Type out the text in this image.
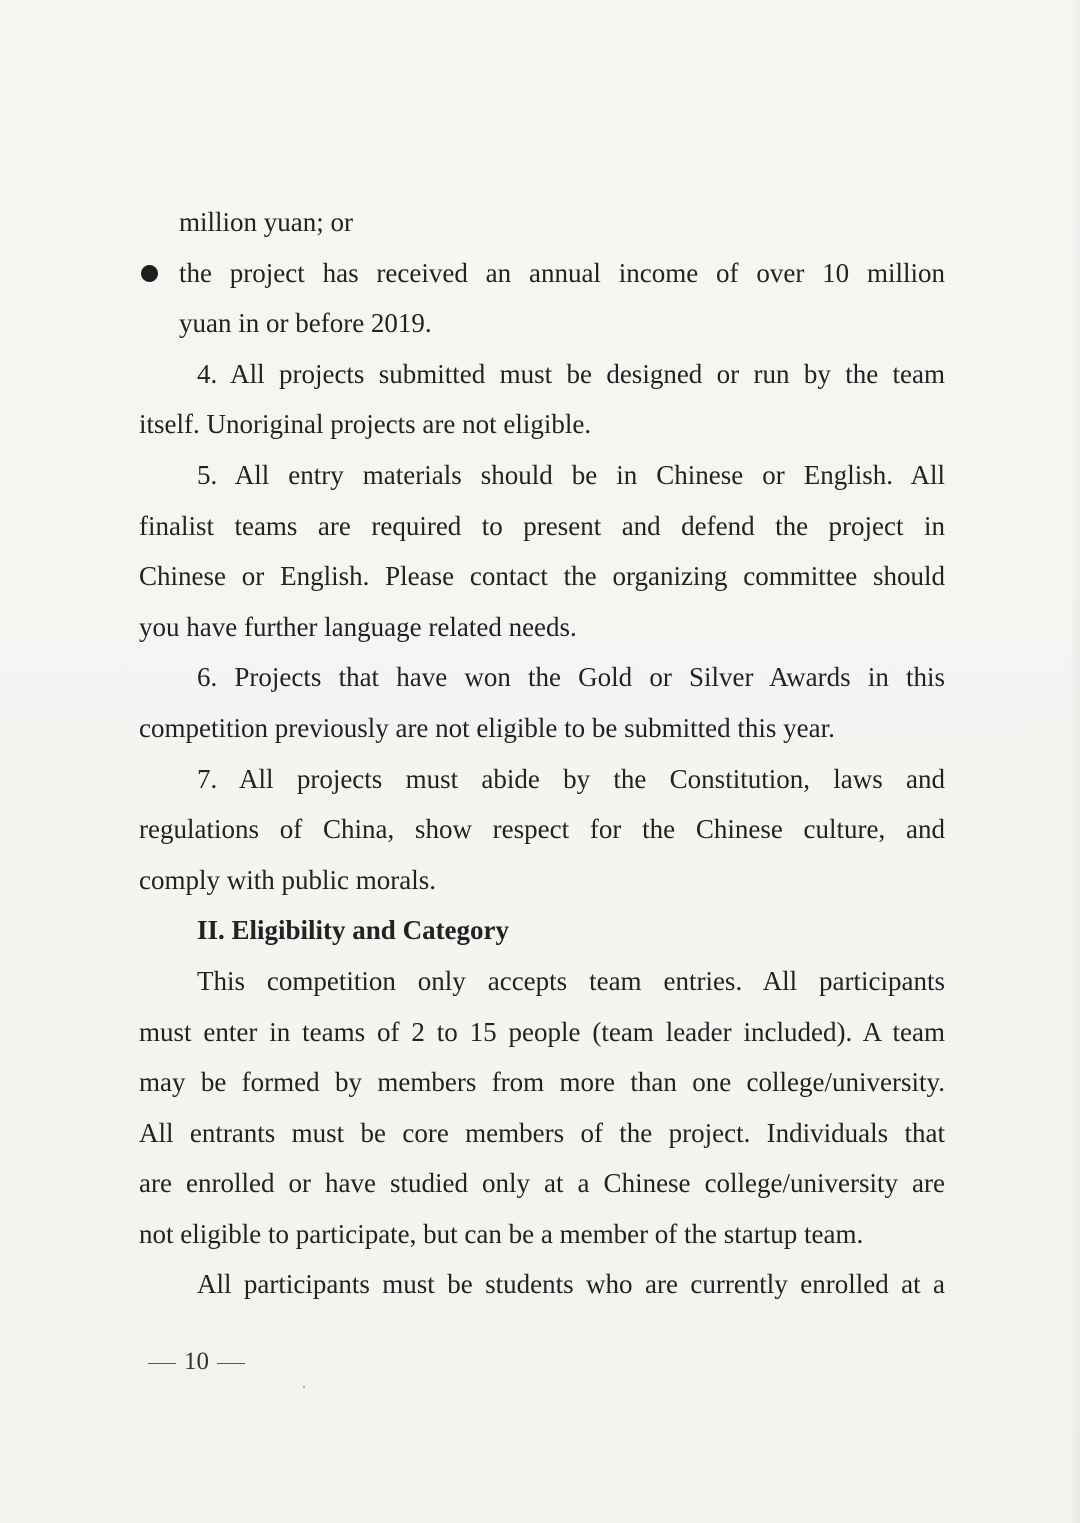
million yuan; or
the project has received an annual income of over 10 million
yuan in or before 2019.
4. All projects submitted must be designed or run by the team
itself. Unoriginal projects are not eligible.
5. All entry materials should be in Chinese or English. All
finalist teams are required to present and defend the project in
Chinese or English. Please contact the organizing committee should
you have further language related needs.
6. Projects that have won the Gold or Silver Awards in this
competition previously are not eligible to be submitted this year.
7. All projects must abide by the Constitution, laws and
regulations of China, show respect for the Chinese culture, and
comply with public morals.
II. Eligibility and Category
This competition only accepts team entries. All participants
must enter in teams of 2 to 15 people (team leader included). A team
may be formed by members from more than one college/university.
All entrants must be core members of the project. Individuals that
are enrolled or have studied only at a Chinese college/university are
not eligible to participate, but can be a member of the startup team.
All participants must be students who are currently enrolled at a
10
